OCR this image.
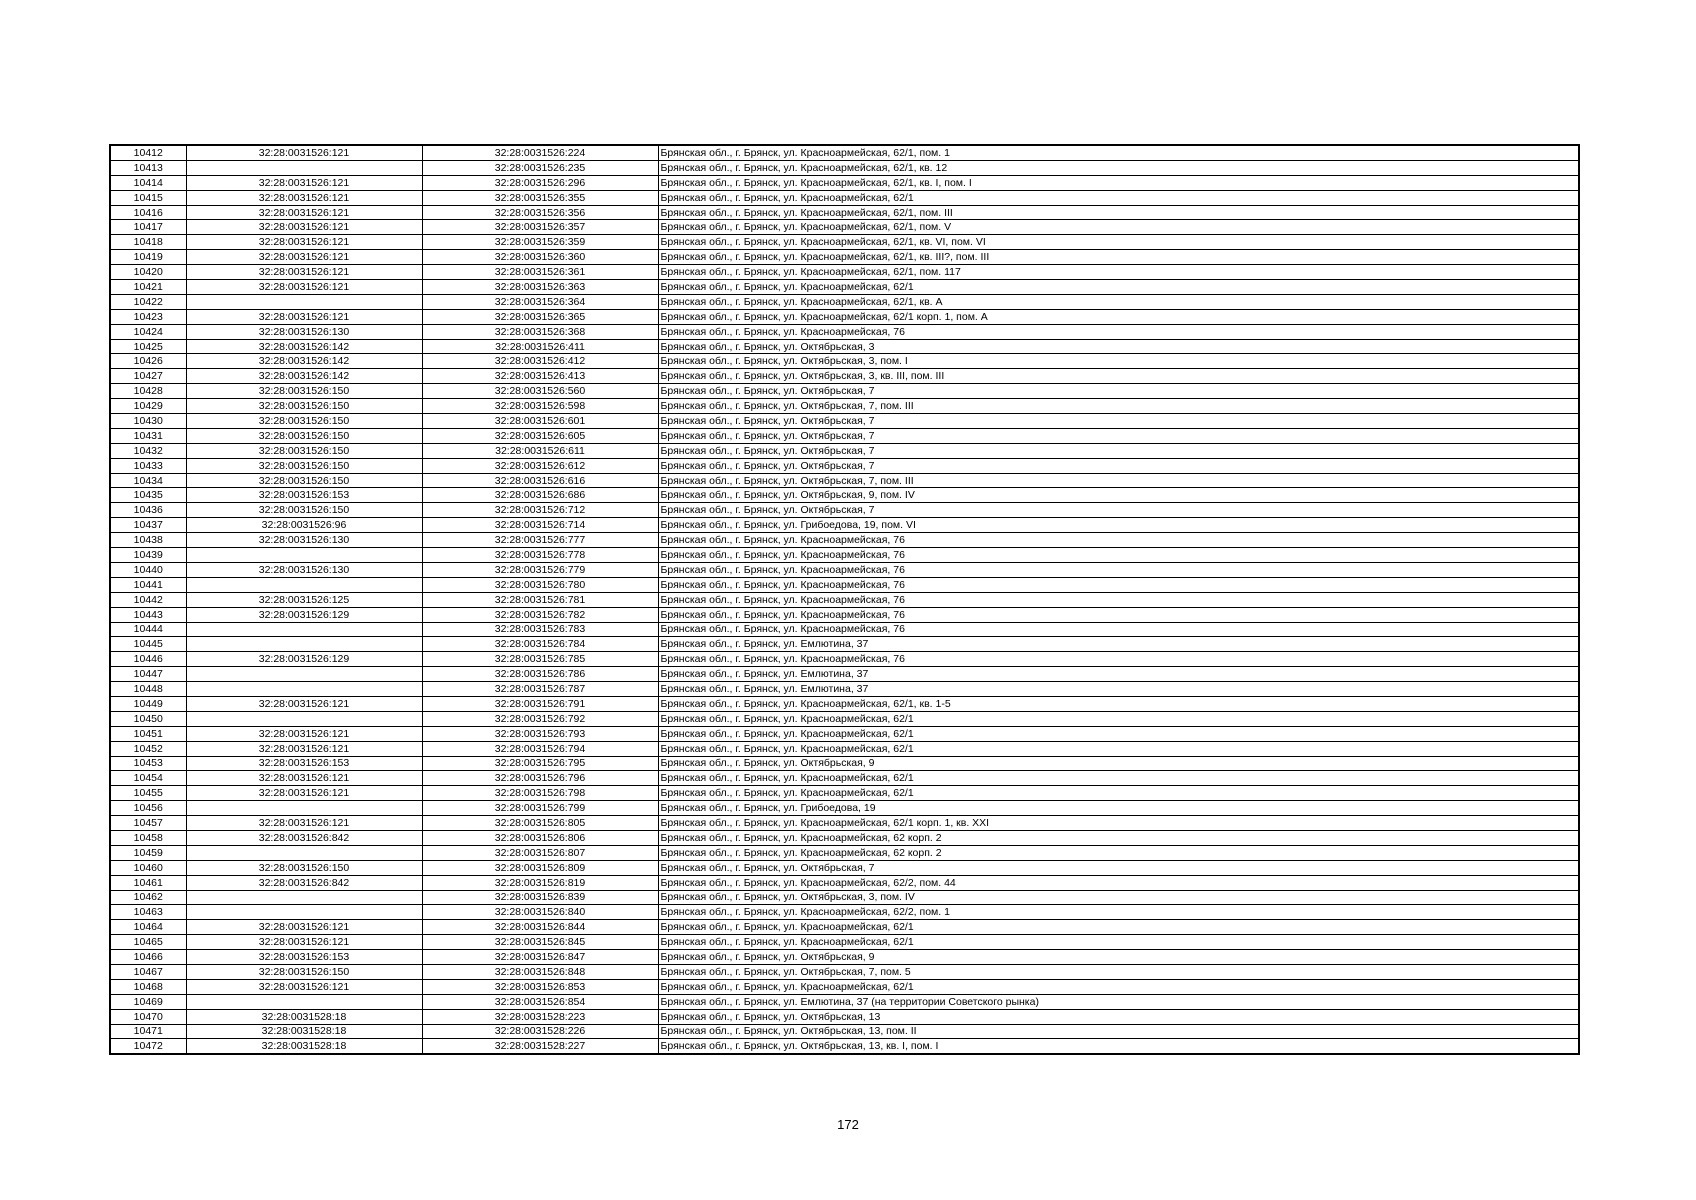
10412	32:28:0031526:121	32:28:0031526:224	Брянская обл., г. Брянск, ул. Красноармейская, 62/1, пом. 1
10413		32:28:0031526:235	Брянская обл., г. Брянск, ул. Красноармейская, 62/1, кв. 12
10414	32:28:0031526:121	32:28:0031526:296	Брянская обл., г. Брянск, ул. Красноармейская, 62/1, кв. I, пом. I
10415	32:28:0031526:121	32:28:0031526:355	Брянская обл., г. Брянск, ул. Красноармейская, 62/1
10416	32:28:0031526:121	32:28:0031526:356	Брянская обл., г. Брянск, ул. Красноармейская, 62/1, пом. III
10417	32:28:0031526:121	32:28:0031526:357	Брянская обл., г. Брянск, ул. Красноармейская, 62/1, пом. V
10418	32:28:0031526:121	32:28:0031526:359	Брянская обл., г. Брянск, ул. Красноармейская, 62/1, кв. VI, пом. VI
10419	32:28:0031526:121	32:28:0031526:360	Брянская обл., г. Брянск, ул. Красноармейская, 62/1, кв. III?, пом. III
10420	32:28:0031526:121	32:28:0031526:361	Брянская обл., г. Брянск, ул. Красноармейская, 62/1, пом. 117
10421	32:28:0031526:121	32:28:0031526:363	Брянская обл., г. Брянск, ул. Красноармейская, 62/1
10422		32:28:0031526:364	Брянская обл., г. Брянск, ул. Красноармейская, 62/1, кв. А
10423	32:28:0031526:121	32:28:0031526:365	Брянская обл., г. Брянск, ул. Красноармейская, 62/1 корп. 1, пом. А
10424	32:28:0031526:130	32:28:0031526:368	Брянская обл., г. Брянск, ул. Красноармейская, 76
10425	32:28:0031526:142	32:28:0031526:411	Брянская обл., г. Брянск, ул. Октябрьская, 3
10426	32:28:0031526:142	32:28:0031526:412	Брянская обл., г. Брянск, ул. Октябрьская, 3, пом. I
10427	32:28:0031526:142	32:28:0031526:413	Брянская обл., г. Брянск, ул. Октябрьская, 3, кв. III, пом. III
10428	32:28:0031526:150	32:28:0031526:560	Брянская обл., г. Брянск, ул. Октябрьская, 7
10429	32:28:0031526:150	32:28:0031526:598	Брянская обл., г. Брянск, ул. Октябрьская, 7, пом. III
10430	32:28:0031526:150	32:28:0031526:601	Брянская обл., г. Брянск, ул. Октябрьская, 7
10431	32:28:0031526:150	32:28:0031526:605	Брянская обл., г. Брянск, ул. Октябрьская, 7
10432	32:28:0031526:150	32:28:0031526:611	Брянская обл., г. Брянск, ул. Октябрьская, 7
10433	32:28:0031526:150	32:28:0031526:612	Брянская обл., г. Брянск, ул. Октябрьская, 7
10434	32:28:0031526:150	32:28:0031526:616	Брянская обл., г. Брянск, ул. Октябрьская, 7, пом. III
10435	32:28:0031526:153	32:28:0031526:686	Брянская обл., г. Брянск, ул. Октябрьская, 9, пом. IV
10436	32:28:0031526:150	32:28:0031526:712	Брянская обл., г. Брянск, ул. Октябрьская, 7
10437	32:28:0031526:96	32:28:0031526:714	Брянская обл., г. Брянск, ул. Грибоедова, 19, пом. VI
10438	32:28:0031526:130	32:28:0031526:777	Брянская обл., г. Брянск, ул. Красноармейская, 76
10439		32:28:0031526:778	Брянская обл., г. Брянск, ул. Красноармейская, 76
10440	32:28:0031526:130	32:28:0031526:779	Брянская обл., г. Брянск, ул. Красноармейская, 76
10441		32:28:0031526:780	Брянская обл., г. Брянск, ул. Красноармейская, 76
10442	32:28:0031526:125	32:28:0031526:781	Брянская обл., г. Брянск, ул. Красноармейская, 76
10443	32:28:0031526:129	32:28:0031526:782	Брянская обл., г. Брянск, ул. Красноармейская, 76
10444		32:28:0031526:783	Брянская обл., г. Брянск, ул. Красноармейская, 76
10445		32:28:0031526:784	Брянская обл., г. Брянск, ул. Емлютина, 37
10446	32:28:0031526:129	32:28:0031526:785	Брянская обл., г. Брянск, ул. Красноармейская, 76
10447		32:28:0031526:786	Брянская обл., г. Брянск, ул. Емлютина, 37
10448		32:28:0031526:787	Брянская обл., г. Брянск, ул. Емлютина, 37
10449	32:28:0031526:121	32:28:0031526:791	Брянская обл., г. Брянск, ул. Красноармейская, 62/1, кв. 1-5
10450		32:28:0031526:792	Брянская обл., г. Брянск, ул. Красноармейская, 62/1
10451	32:28:0031526:121	32:28:0031526:793	Брянская обл., г. Брянск, ул. Красноармейская, 62/1
10452	32:28:0031526:121	32:28:0031526:794	Брянская обл., г. Брянск, ул. Красноармейская, 62/1
10453	32:28:0031526:153	32:28:0031526:795	Брянская обл., г. Брянск, ул. Октябрьская, 9
10454	32:28:0031526:121	32:28:0031526:796	Брянская обл., г. Брянск, ул. Красноармейская, 62/1
10455	32:28:0031526:121	32:28:0031526:798	Брянская обл., г. Брянск, ул. Красноармейская, 62/1
10456		32:28:0031526:799	Брянская обл., г. Брянск, ул. Грибоедова, 19
10457	32:28:0031526:121	32:28:0031526:805	Брянская обл., г. Брянск, ул. Красноармейская, 62/1 корп. 1, кв. XXI
10458	32:28:0031526:842	32:28:0031526:806	Брянская обл., г. Брянск, ул. Красноармейская, 62 корп. 2
10459		32:28:0031526:807	Брянская обл., г. Брянск, ул. Красноармейская, 62 корп. 2
10460	32:28:0031526:150	32:28:0031526:809	Брянская обл., г. Брянск, ул. Октябрьская, 7
10461	32:28:0031526:842	32:28:0031526:819	Брянская обл., г. Брянск, ул. Красноармейская, 62/2, пом. 44
10462		32:28:0031526:839	Брянская обл., г. Брянск, ул. Октябрьская, 3, пом. IV
10463		32:28:0031526:840	Брянская обл., г. Брянск, ул. Красноармейская, 62/2, пом. 1
10464	32:28:0031526:121	32:28:0031526:844	Брянская обл., г. Брянск, ул. Красноармейская, 62/1
10465	32:28:0031526:121	32:28:0031526:845	Брянская обл., г. Брянск, ул. Красноармейская, 62/1
10466	32:28:0031526:153	32:28:0031526:847	Брянская обл., г. Брянск, ул. Октябрьская, 9
10467	32:28:0031526:150	32:28:0031526:848	Брянская обл., г. Брянск, ул. Октябрьская, 7, пом. 5
10468	32:28:0031526:121	32:28:0031526:853	Брянская обл., г. Брянск, ул. Красноармейская, 62/1
10469		32:28:0031526:854	Брянская обл., г. Брянск, ул. Емлютина, 37 (на территории Советского рынка)
10470	32:28:0031528:18	32:28:0031528:223	Брянская обл., г. Брянск, ул. Октябрьская, 13
10471	32:28:0031528:18	32:28:0031528:226	Брянская обл., г. Брянск, ул. Октябрьская, 13, пом. II
10472	32:28:0031528:18	32:28:0031528:227	Брянская обл., г. Брянск, ул. Октябрьская, 13, кв. I, пом. I
172
